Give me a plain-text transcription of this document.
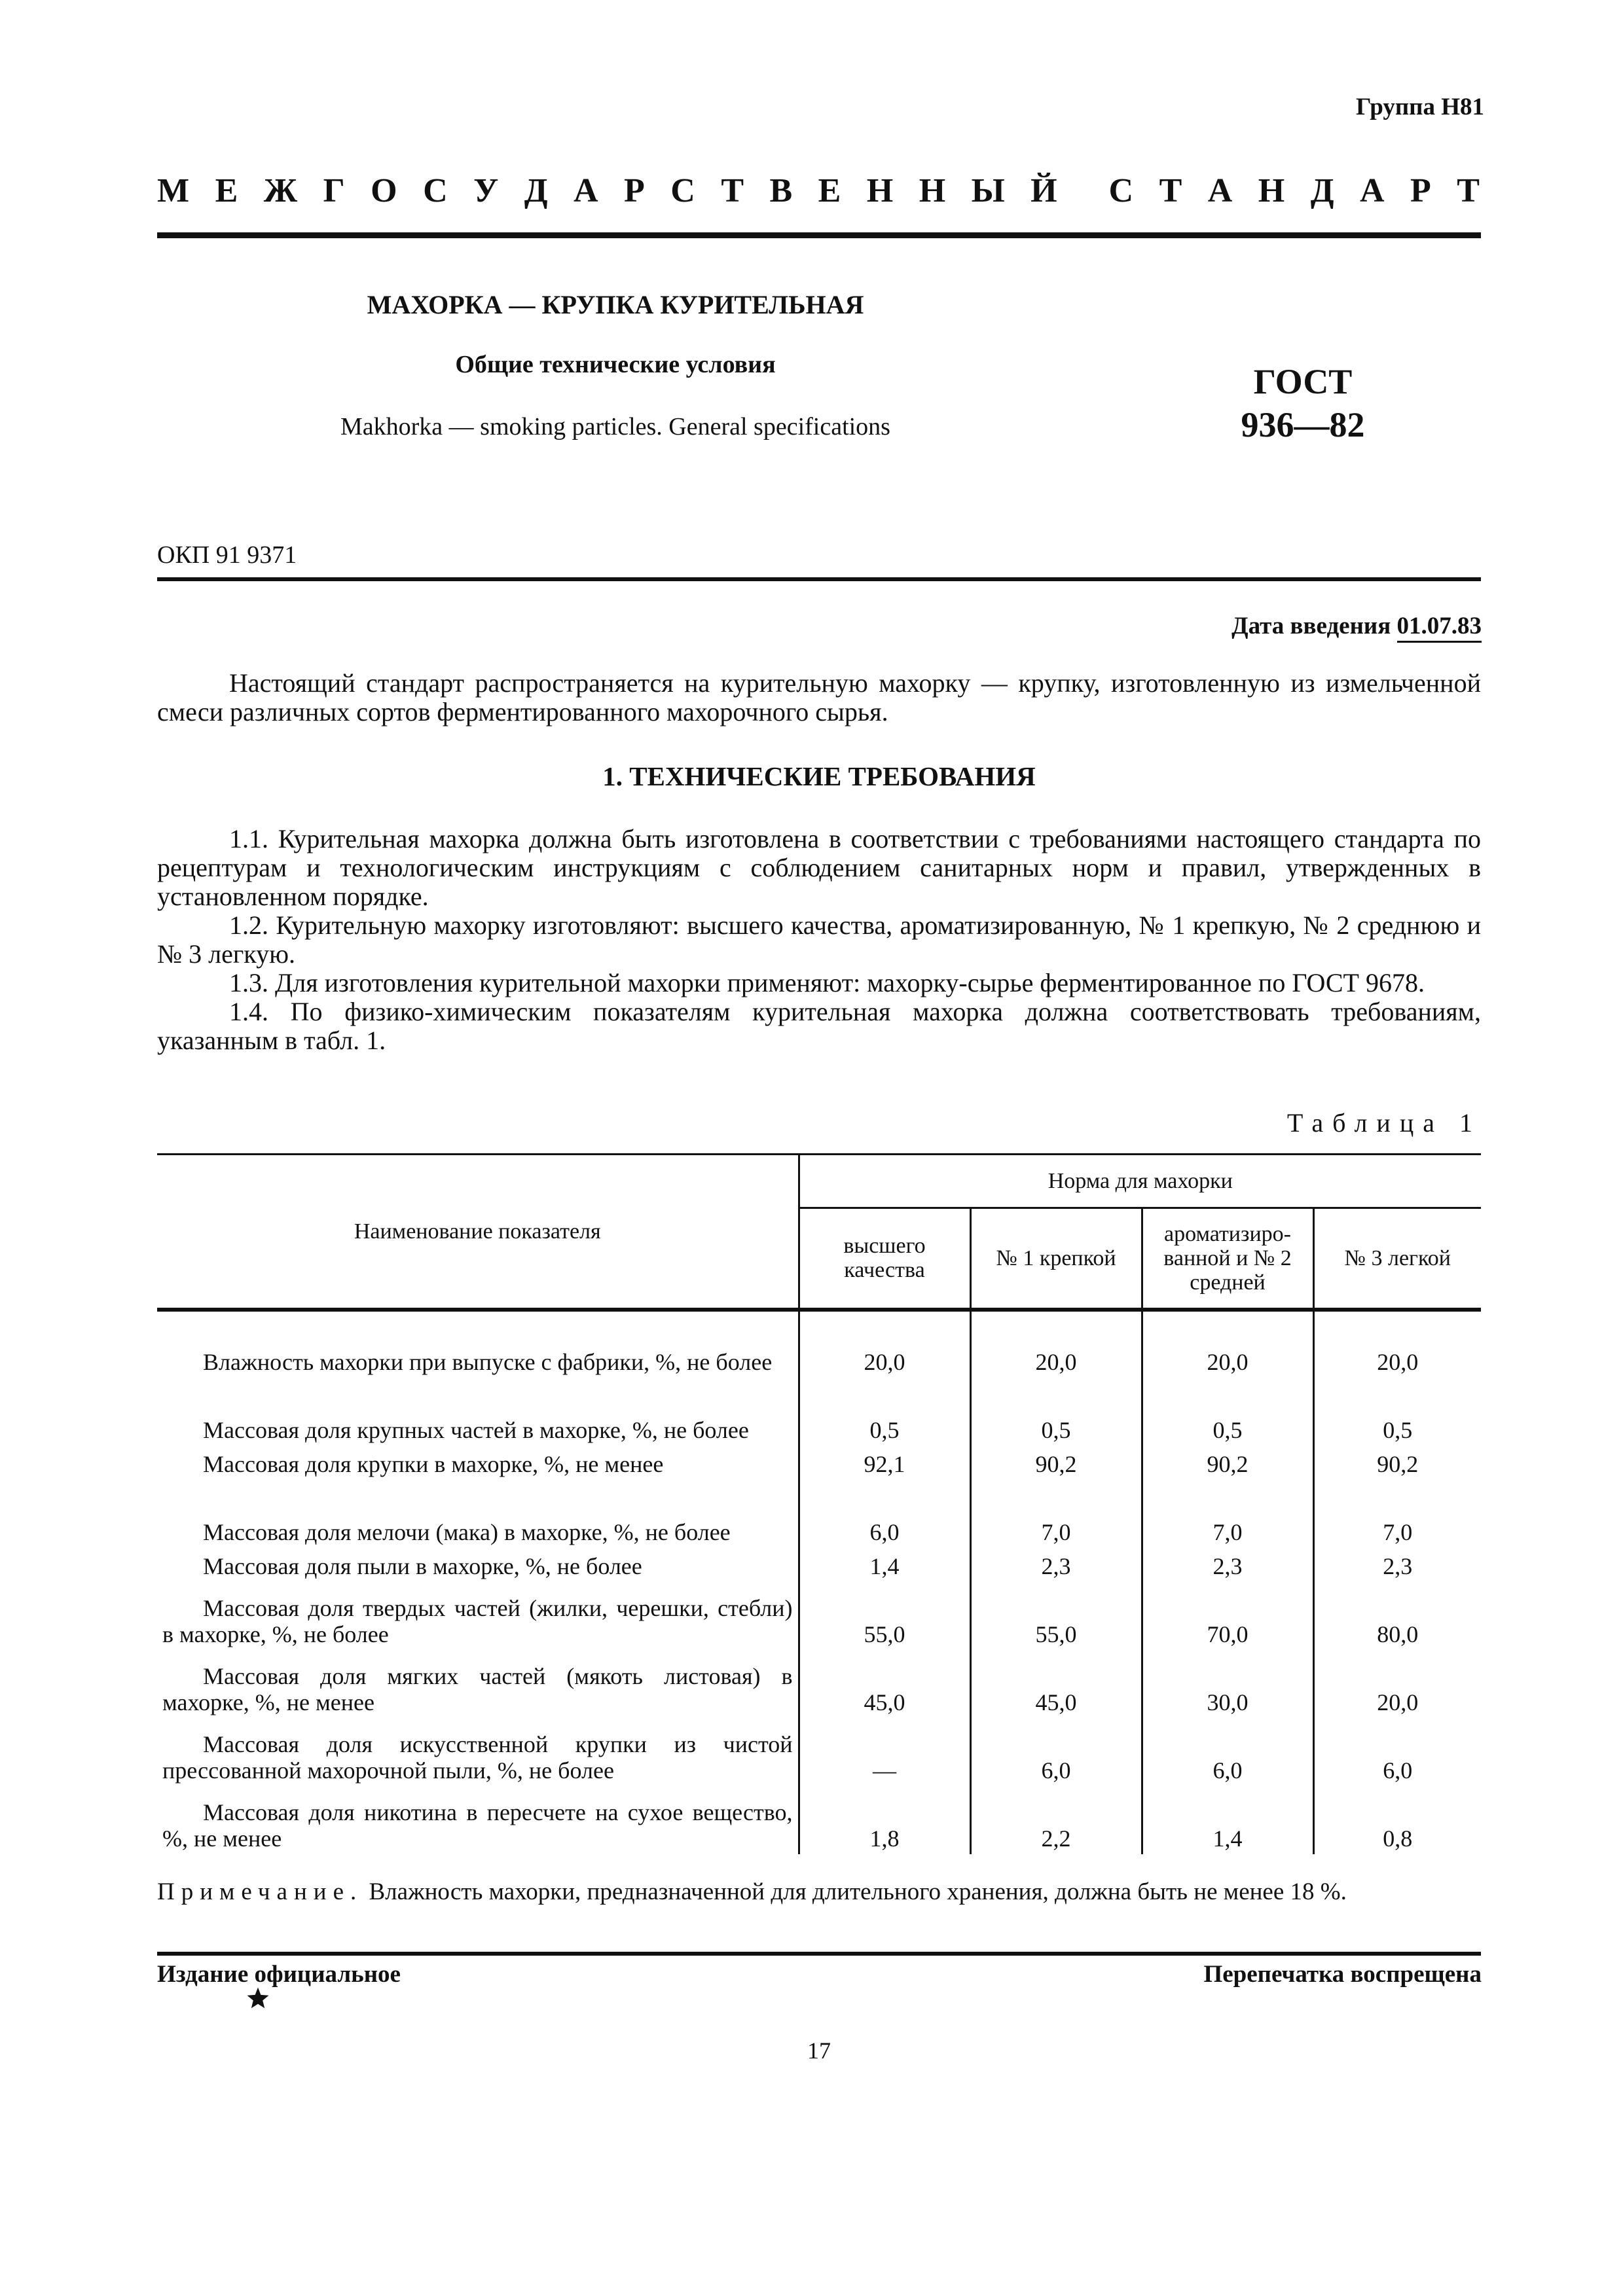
Группа Н81
М Е Ж Г О С У Д А Р С Т В Е Н Н Ы Й С Т А Н Д А Р Т
МАХОРКА — КРУПКА КУРИТЕЛЬНАЯ
Общие технические условия
Makhorka — smoking particles. General specifications
ГОСТ
936—82
ОКП 91 9371
Дата введения 01.07.83

Настоящий стандарт распространяется на курительную махорку — крупку, изготовленную из измельченной смеси различных сортов ферментированного махорочного сырья.

1. ТЕХНИЧЕСКИЕ ТРЕБОВАНИЯ

1.1. Курительная махорка должна быть изготовлена в соответствии с требованиями настоящего стандарта по рецептурам и технологическим инструкциям с соблюдением санитарных норм и правил, утвержденных в установленном порядке.

1.2. Курительную махорку изготовляют: высшего качества, ароматизированную, № 1 крепкую, № 2 среднюю и № 3 легкую.

1.3. Для изготовления курительной махорки применяют: махорку-сырье ферментированное по ГОСТ 9678.

1.4. По физико-химическим показателям курительная махорка должна соответствовать требованиям, указанным в табл. 1.

Таблица 1
Наименование показателя	Норма для махорки			
	высшего качества	№ 1 крепкой	ароматизиро-ванной и № 2 средней	№ 3 легкой
Влажность махорки при выпуске с фабрики, %, не более	20,0	20,0	20,0	20,0
Массовая доля крупных частей в махорке, %, не более	0,5	0,5	0,5	0,5
Массовая доля крупки в махорке, %, не менее	92,1	90,2	90,2	90,2
Массовая доля мелочи (мака) в махорке, %, не более	6,0	7,0	7,0	7,0
Массовая доля пыли в махорке, %, не более	1,4	2,3	2,3	2,3
Массовая доля твердых частей (жилки, черешки, стебли) в махорке, %, не более	55,0	55,0	70,0	80,0
Массовая доля мягких частей (мякоть листовая) в махорке, %, не менее	45,0	45,0	30,0	20,0
Массовая доля искусственной крупки из чистой прессованной махорочной пыли, %, не более	—	6,0	6,0	6,0
Массовая доля никотина в пересчете на сухое вещество, %, не менее	1,8	2,2	1,4	0,8
Примечание. Влажность махорки, предназначенной для длительного хранения, должна быть не менее 18 %.
Издание официальное	Перепечатка воспрещена
17
